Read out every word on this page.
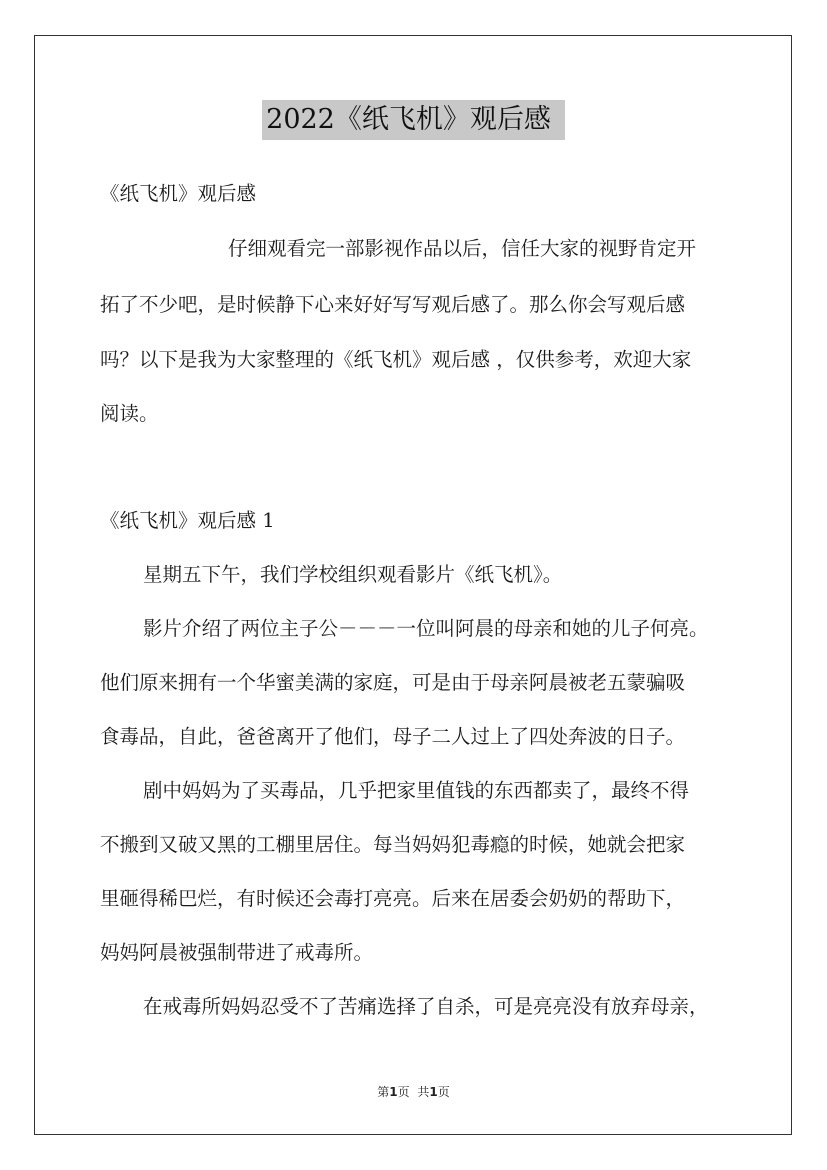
2022《纸飞机》观后感
《纸飞机》观后感
仔细观看完一部影视作品以后，信任大家的视野肯定开
拓了不少吧，是时候静下心来好好写写观后感了。那么你会写观后感
吗？以下是我为大家整理的《纸飞机》观后感 ，仅供参考，欢迎大家
阅读。
《纸飞机》观后感 1
星期五下午，我们学校组织观看影片《纸飞机》。
影片介绍了两位主子公－－－一位叫阿晨的母亲和她的儿子何亮。
他们原来拥有一个华蜜美满的家庭，可是由于母亲阿晨被老五蒙骗吸
食毒品，自此，爸爸离开了他们，母子二人过上了四处奔波的日子。
剧中妈妈为了买毒品，几乎把家里值钱的东西都卖了，最终不得
不搬到又破又黑的工棚里居住。每当妈妈犯毒瘾的时候，她就会把家
里砸得稀巴烂，有时候还会毒打亮亮。后来在居委会奶奶的帮助下，
妈妈阿晨被强制带进了戒毒所。
在戒毒所妈妈忍受不了苦痛选择了自杀，可是亮亮没有放弃母亲，
第1页 共1页
